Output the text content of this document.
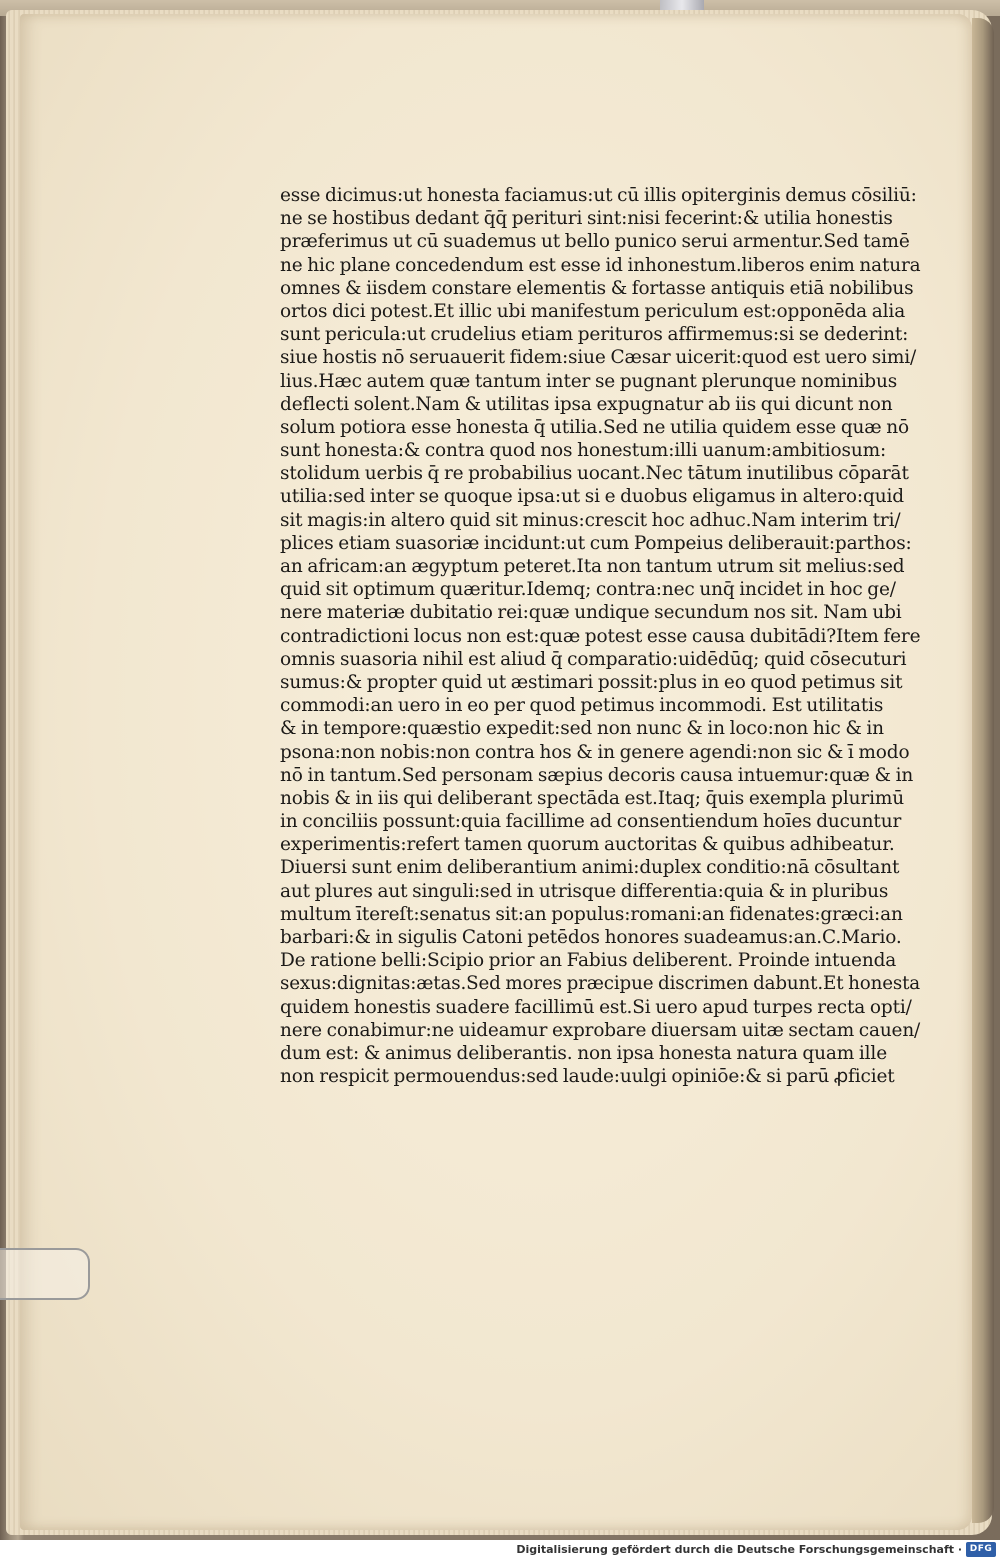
esse dicimus:ut honesta faciamus:ut cū illis opiterginis demus cōsiliū:
ne se hostibus dedant q̄q̄ perituri sint:nisi fecerint:& utilia honestis
præferimus ut cū suademus ut bello punico serui armentur.Sed tamē
ne hic plane concedendum est esse id inhonestum.liberos enim natura
omnes & iisdem constare elementis & fortasse antiquis etiā nobilibus
ortos dici potest.Et illic ubi manifestum periculum est:opponēda alia
sunt pericula:ut crudelius etiam perituros affirmemus:si se dederint:
siue hostis nō seruauerit fidem:siue Cæsar uicerit:quod est uero simi/
lius.Hæc autem quæ tantum inter se pugnant plerunque nominibus
deflecti solent.Nam & utilitas ipsa expugnatur ab iis qui dicunt non
solum potiora esse honesta q̄ utilia.Sed ne utilia quidem esse quæ nō
sunt honesta:& contra quod nos honestum:illi uanum:ambitiosum:
stolidum uerbis q̄ re probabilius uocant.Nec tātum inutilibus cōparāt
utilia:sed inter se quoque ipsa:ut si e duobus eligamus in altero:quid
sit magis:in altero quid sit minus:crescit hoc adhuc.Nam interim tri/
plices etiam suasoriæ incidunt:ut cum Pompeius deliberauit:parthos:
an africam:an ægyptum peteret.Ita non tantum utrum sit melius:sed
quid sit optimum quæritur.Idemq; contra:nec unq̄ incidet in hoc ge/
nere materiæ dubitatio rei:quæ undique secundum nos sit. Nam ubi
contradictioni locus non est:quæ potest esse causa dubitādi?Item fere
omnis suasoria nihil est aliud q̄ comparatio:uidēdūq; quid cōsecuturi
sumus:& propter quid ut æstimari possit:plus in eo quod petimus sit
commodi:an uero in eo per quod petimus incommodi. Est utilitatis
& in tempore:quæstio expedit:sed non nunc & in loco:non hic & in
psona:non nobis:non contra hos & in genere agendi:non sic & ī modo
nō in tantum.Sed personam sæpius decoris causa intuemur:quæ & in
nobis & in iis qui deliberant spectāda est.Itaq; q̄uis exempla plurimū
in conciliis possunt:quia facillime ad consentiendum hoīes ducuntur
experimentis:refert tamen quorum auctoritas & quibus adhibeatur.
Diuersi sunt enim deliberantium animi:duplex conditio:nā cōsultant
aut plures aut singuli:sed in utrisque differentia:quia & in pluribus
multum ītereſt:senatus sit:an populus:romani:an fidenates:græci:an
barbari:& in sigulis Catoni petēdos honores suadeamus:an.C.Mario.
De ratione belli:Scipio prior an Fabius deliberent. Proinde intuenda
sexus:dignitas:ætas.Sed mores præcipue discrimen dabunt.Et honesta
quidem honestis suadere facillimū est.Si uero apud turpes recta opti/
nere conabimur:ne uideamur exprobare diuersam uitæ sectam cauen/
dum est: & animus deliberantis. non ipsa honesta natura quam ille
non respicit permouendus:sed laude:uulgi opiniōe:& si parū ꝓficiet
Digitalisierung gefördert durch die Deutsche Forschungsgemeinschaft · DFG
